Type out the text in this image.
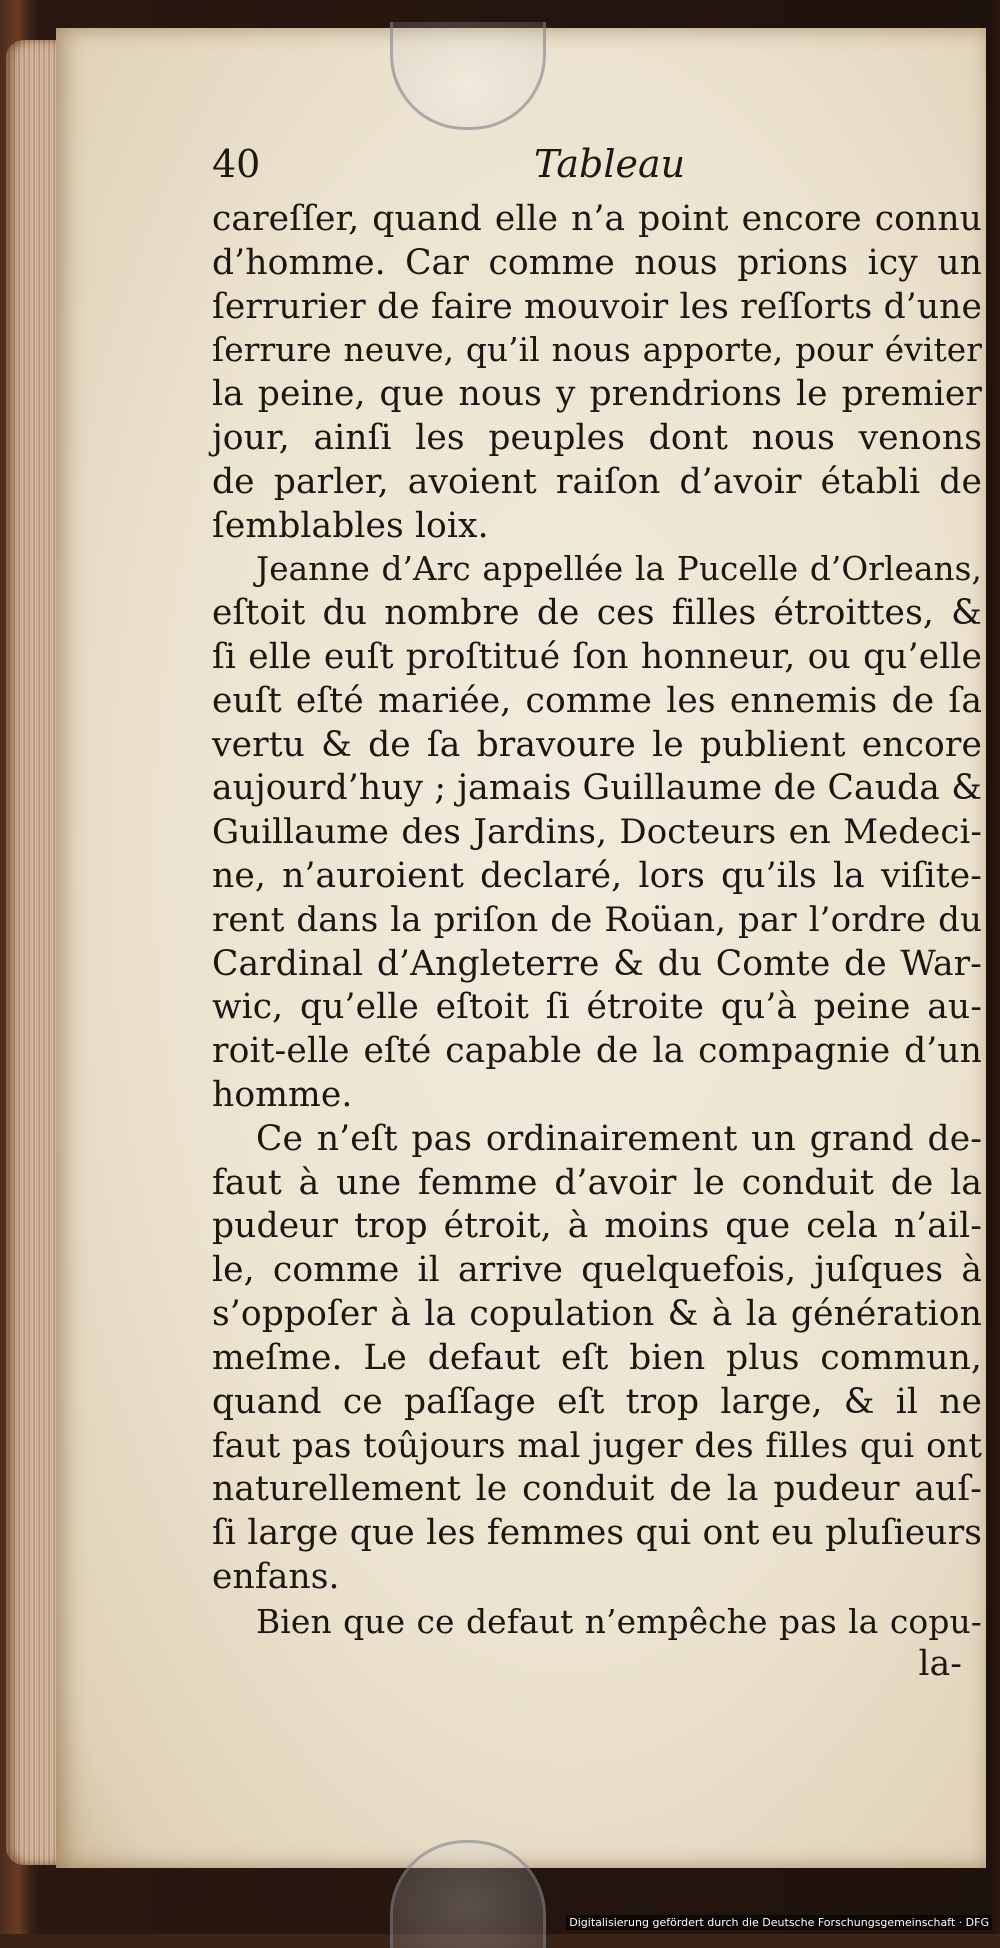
40	Tableau
careſſer, quand elle n’a point encore connu
d’homme. Car comme nous prions icy un
ſerrurier de faire mouvoir les reſſorts d’une
ſerrure neuve, qu’il nous apporte, pour éviter
la peine, que nous y prendrions le premier
jour, ainſi les peuples dont nous venons
de parler, avoient raiſon d’avoir établi de
ſemblables loix.
Jeanne d’Arc appellée la Pucelle d’Orleans,
eſtoit du nombre de ces filles étroittes, &
ſi elle euſt proſtitué ſon honneur, ou qu’elle
euſt eſté mariée, comme les ennemis de ſa
vertu & de ſa bravoure le publient encore
aujourd’huy ; jamais Guillaume de Cauda &
Guillaume des Jardins, Docteurs en Medeci-
ne, n’auroient declaré, lors qu’ils la viſite-
rent dans la priſon de Roüan, par l’ordre du
Cardinal d’Angleterre & du Comte de War-
wic, qu’elle eſtoit ſi étroite qu’à peine au-
roit-elle eſté capable de la compagnie d’un
homme.
Ce n’eſt pas ordinairement un grand de-
faut à une femme d’avoir le conduit de la
pudeur trop étroit, à moins que cela n’ail-
le, comme il arrive quelquefois, juſques à
s’oppoſer à la copulation & à la génération
meſme. Le defaut eſt bien plus commun,
quand ce paſſage eſt trop large, & il ne
faut pas toûjours mal juger des filles qui ont
naturellement le conduit de la pudeur auſ-
ſi large que les femmes qui ont eu pluſieurs
enfans.
Bien que ce defaut n’empêche pas la copu-
la-
Digitalisierung gefördert durch die Deutsche Forschungsgemeinschaft · DFG
